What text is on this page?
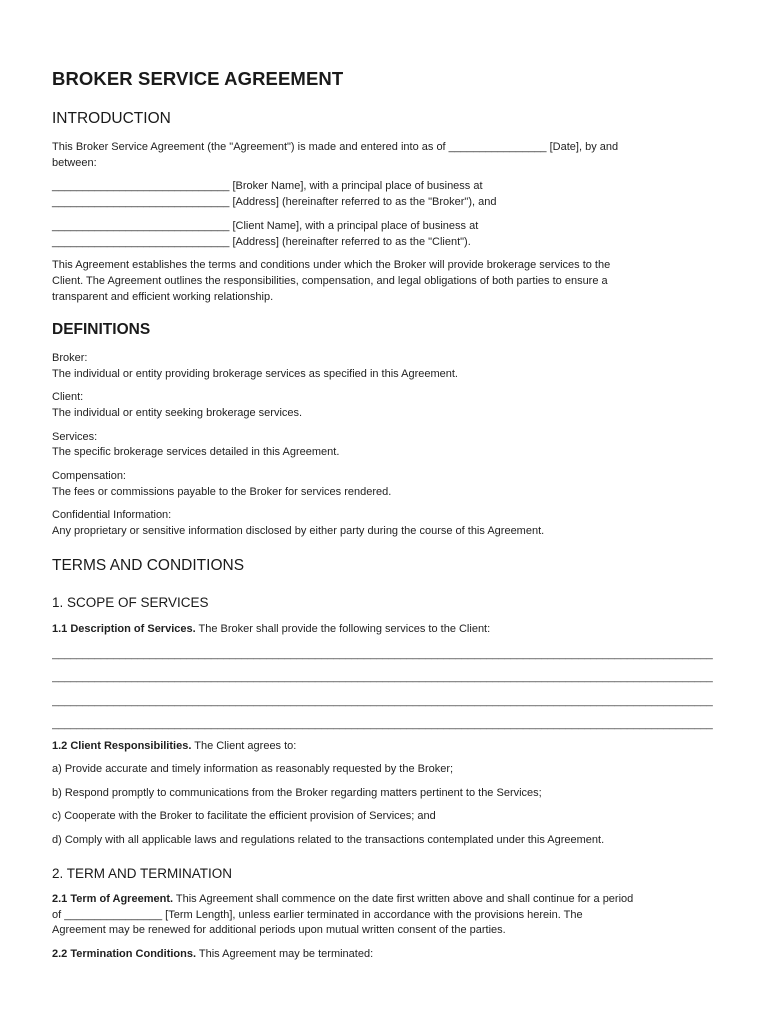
BROKER SERVICE AGREEMENT
INTRODUCTION
This Broker Service Agreement (the "Agreement") is made and entered into as of ________________ [Date], by and
between:
_____________________________ [Broker Name], with a principal place of business at
_____________________________ [Address] (hereinafter referred to as the "Broker"), and
_____________________________ [Client Name], with a principal place of business at
_____________________________ [Address] (hereinafter referred to as the "Client").
This Agreement establishes the terms and conditions under which the Broker will provide brokerage services to the
Client. The Agreement outlines the responsibilities, compensation, and legal obligations of both parties to ensure a
transparent and efficient working relationship.
DEFINITIONS
Broker:
The individual or entity providing brokerage services as specified in this Agreement.
Client:
The individual or entity seeking brokerage services.
Services:
The specific brokerage services detailed in this Agreement.
Compensation:
The fees or commissions payable to the Broker for services rendered.
Confidential Information:
Any proprietary or sensitive information disclosed by either party during the course of this Agreement.
TERMS AND CONDITIONS
1. SCOPE OF SERVICES
1.1 Description of Services. The Broker shall provide the following services to the Client:
____________________________________________________________________________________________________________
____________________________________________________________________________________________________________
____________________________________________________________________________________________________________
____________________________________________________________________________________________________________
1.2 Client Responsibilities. The Client agrees to:
a) Provide accurate and timely information as reasonably requested by the Broker;
b) Respond promptly to communications from the Broker regarding matters pertinent to the Services;
c) Cooperate with the Broker to facilitate the efficient provision of Services; and
d) Comply with all applicable laws and regulations related to the transactions contemplated under this Agreement.
2. TERM AND TERMINATION
2.1 Term of Agreement. This Agreement shall commence on the date first written above and shall continue for a period
of ________________ [Term Length], unless earlier terminated in accordance with the provisions herein. The
Agreement may be renewed for additional periods upon mutual written consent of the parties.
2.2 Termination Conditions. This Agreement may be terminated:
